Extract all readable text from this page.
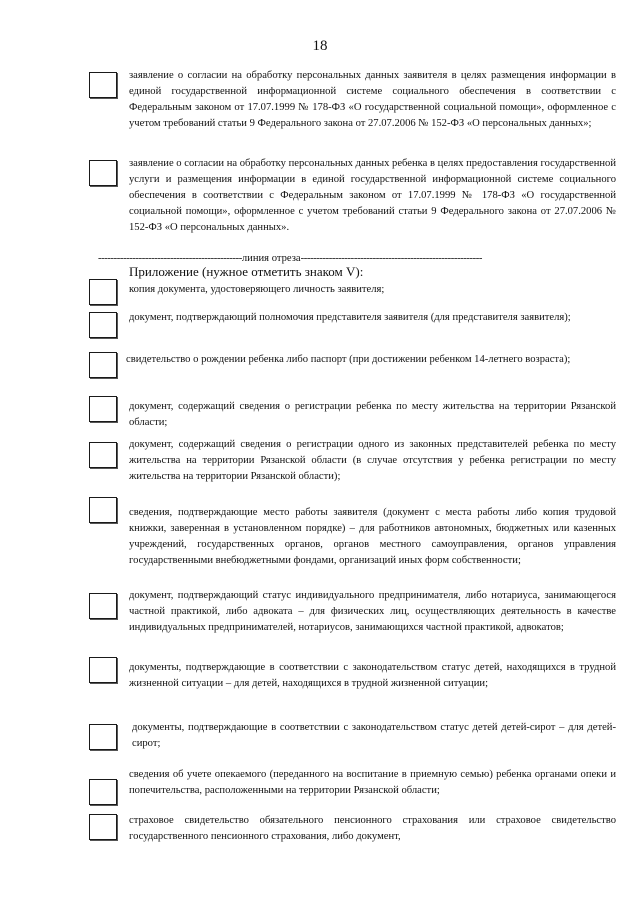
18
заявление о согласии на обработку персональных данных заявителя в целях размещения информации в единой государственной информационной системе социального обеспечения в соответствии с Федеральным законом от 17.07.1999 № 178-ФЗ «О государственной социальной помощи», оформленное с учетом требований статьи 9 Федерального закона от 27.07.2006 № 152-ФЗ «О персональных данных»;
заявление о согласии на обработку персональных данных ребенка в целях предоставления государственной услуги и размещения информации в единой государственной информационной системе социального обеспечения в соответствии с Федеральным законом от 17.07.1999 № 178-ФЗ «О государственной социальной помощи», оформленное с учетом требований статьи 9 Федерального закона от 27.07.2006 № 152-ФЗ «О персональных данных».
----------------------------------------------линия отреза----------------------------------------------------------
Приложение (нужное отметить знаком V):
копия документа, удостоверяющего личность заявителя;
документ, подтверждающий полномочия представителя заявителя (для представителя заявителя);
свидетельство о рождении ребенка либо паспорт (при достижении ребенком 14-летнего возраста);
документ, содержащий сведения о регистрации ребенка по месту жительства на территории Рязанской области;
документ, содержащий сведения о регистрации одного из законных представителей ребенка по месту жительства на территории Рязанской области (в случае отсутствия у ребенка регистрации по месту жительства на территории Рязанской области);
сведения, подтверждающие место работы заявителя (документ с места работы либо копия трудовой книжки, заверенная в установленном порядке) – для работников автономных, бюджетных или казенных учреждений, государственных органов, органов местного самоуправления, органов управления государственными внебюджетными фондами, организаций иных форм собственности;
документ, подтверждающий статус индивидуального предпринимателя, либо нотариуса, занимающегося частной практикой, либо адвоката – для физических лиц, осуществляющих деятельность в качестве индивидуальных предпринимателей, нотариусов, занимающихся частной практикой, адвокатов;
документы, подтверждающие в соответствии с законодательством статус детей, находящихся в трудной жизненной ситуации – для детей, находящихся в трудной жизненной ситуации;
документы, подтверждающие в соответствии с законодательством статус детей детей-сирот – для детей-сирот;
сведения об учете опекаемого (переданного на воспитание в приемную семью) ребенка органами опеки и попечительства, расположенными на территории Рязанской области;
страховое свидетельство обязательного пенсионного страхования или страховое свидетельство государственного пенсионного страхования, либо документ,
